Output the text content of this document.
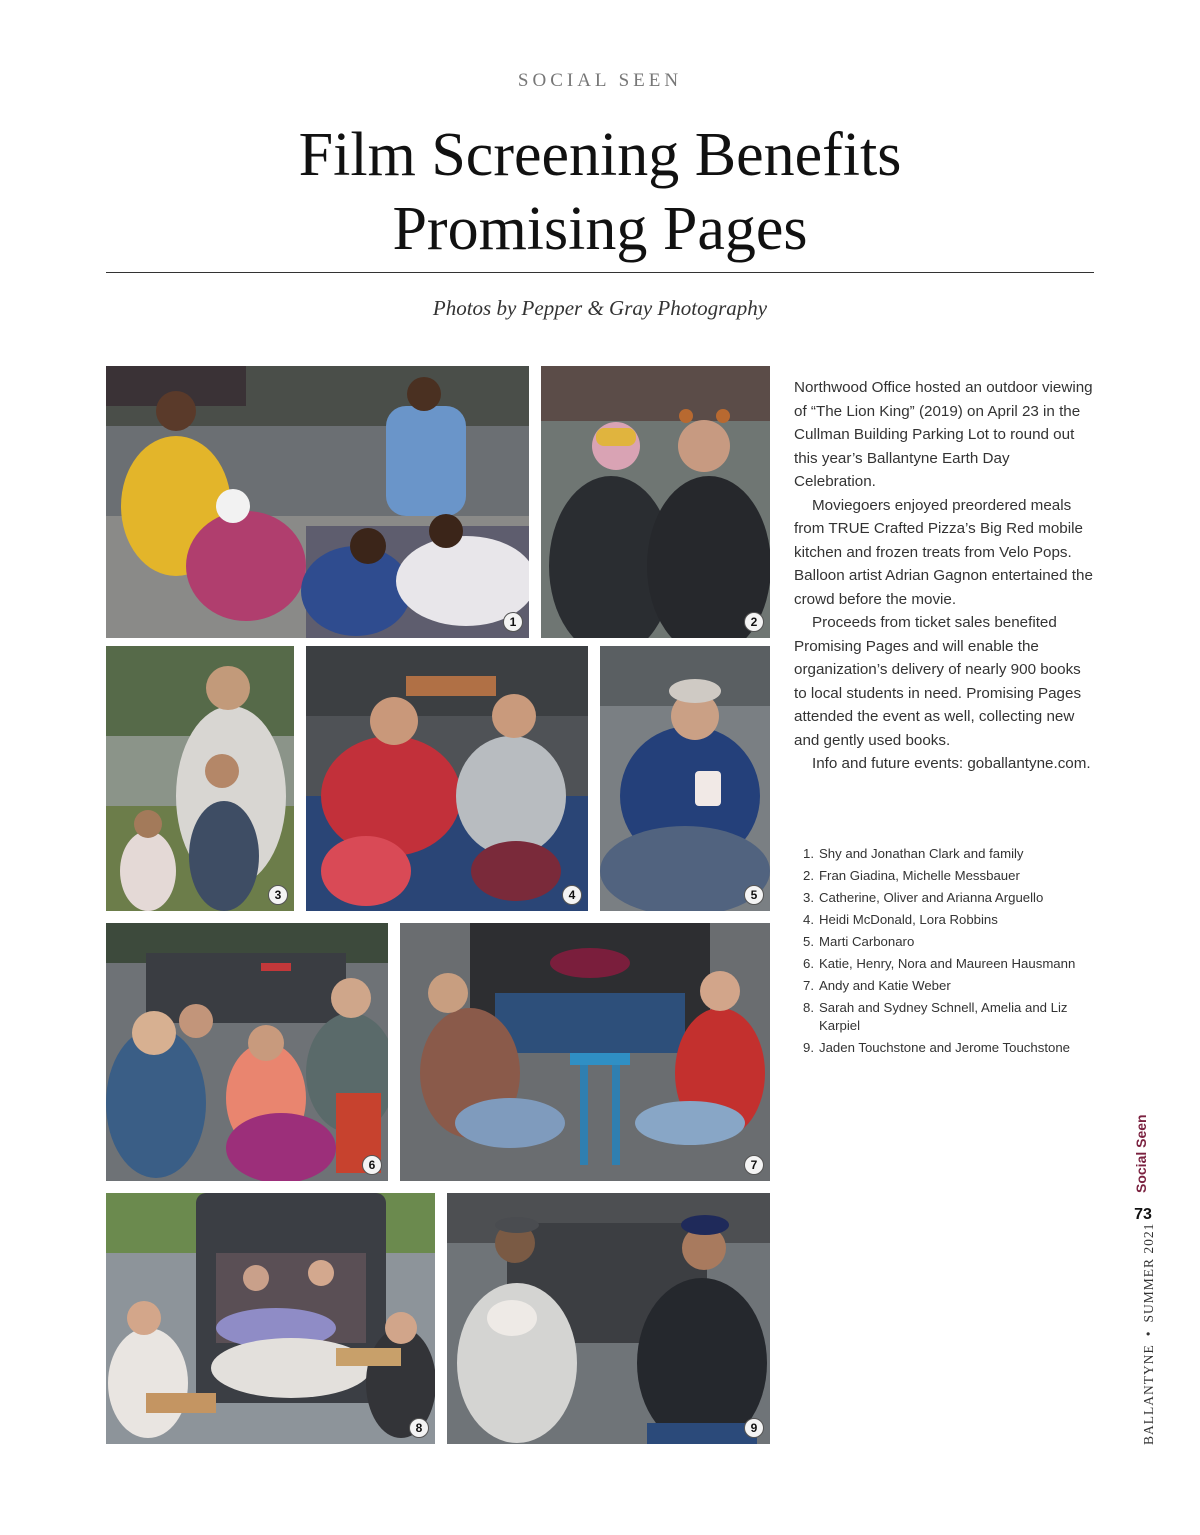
SOCIAL SEEN
Film Screening Benefits
Promising Pages
Photos by Pepper & Gray Photography
1	2
3	4	5
6	7
8	9

Northwood Office hosted an outdoor viewing of “The Lion King” (2019) on April 23 in the Cullman Building Parking Lot to round out this year’s Ballantyne Earth Day Celebration.

Moviegoers enjoyed preordered meals from TRUE Crafted Pizza’s Big Red mobile kitchen and frozen treats from Velo Pops. Balloon artist Adrian Gagnon entertained the crowd before the movie.

Proceeds from ticket sales benefited Promising Pages and will enable the organization’s delivery of nearly 900 books to local students in need. Promising Pages attended the event as well, collecting new and gently used books.

Info and future events: goballantyne.com.

1. Shy and Jonathan Clark and family
2. Fran Giadina, Michelle Messbauer
3. Catherine, Oliver and Arianna Arguello
4. Heidi McDonald, Lora Robbins
5. Marti Carbonaro
6. Katie, Henry, Nora and Maureen Hausmann
7. Andy and Katie Weber
8. Sarah and Sydney Schnell, Amelia and Liz Karpiel
9. Jaden Touchstone and Jerome Touchstone
Social Seen
73
BALLANTYNE•SUMMER 2021
